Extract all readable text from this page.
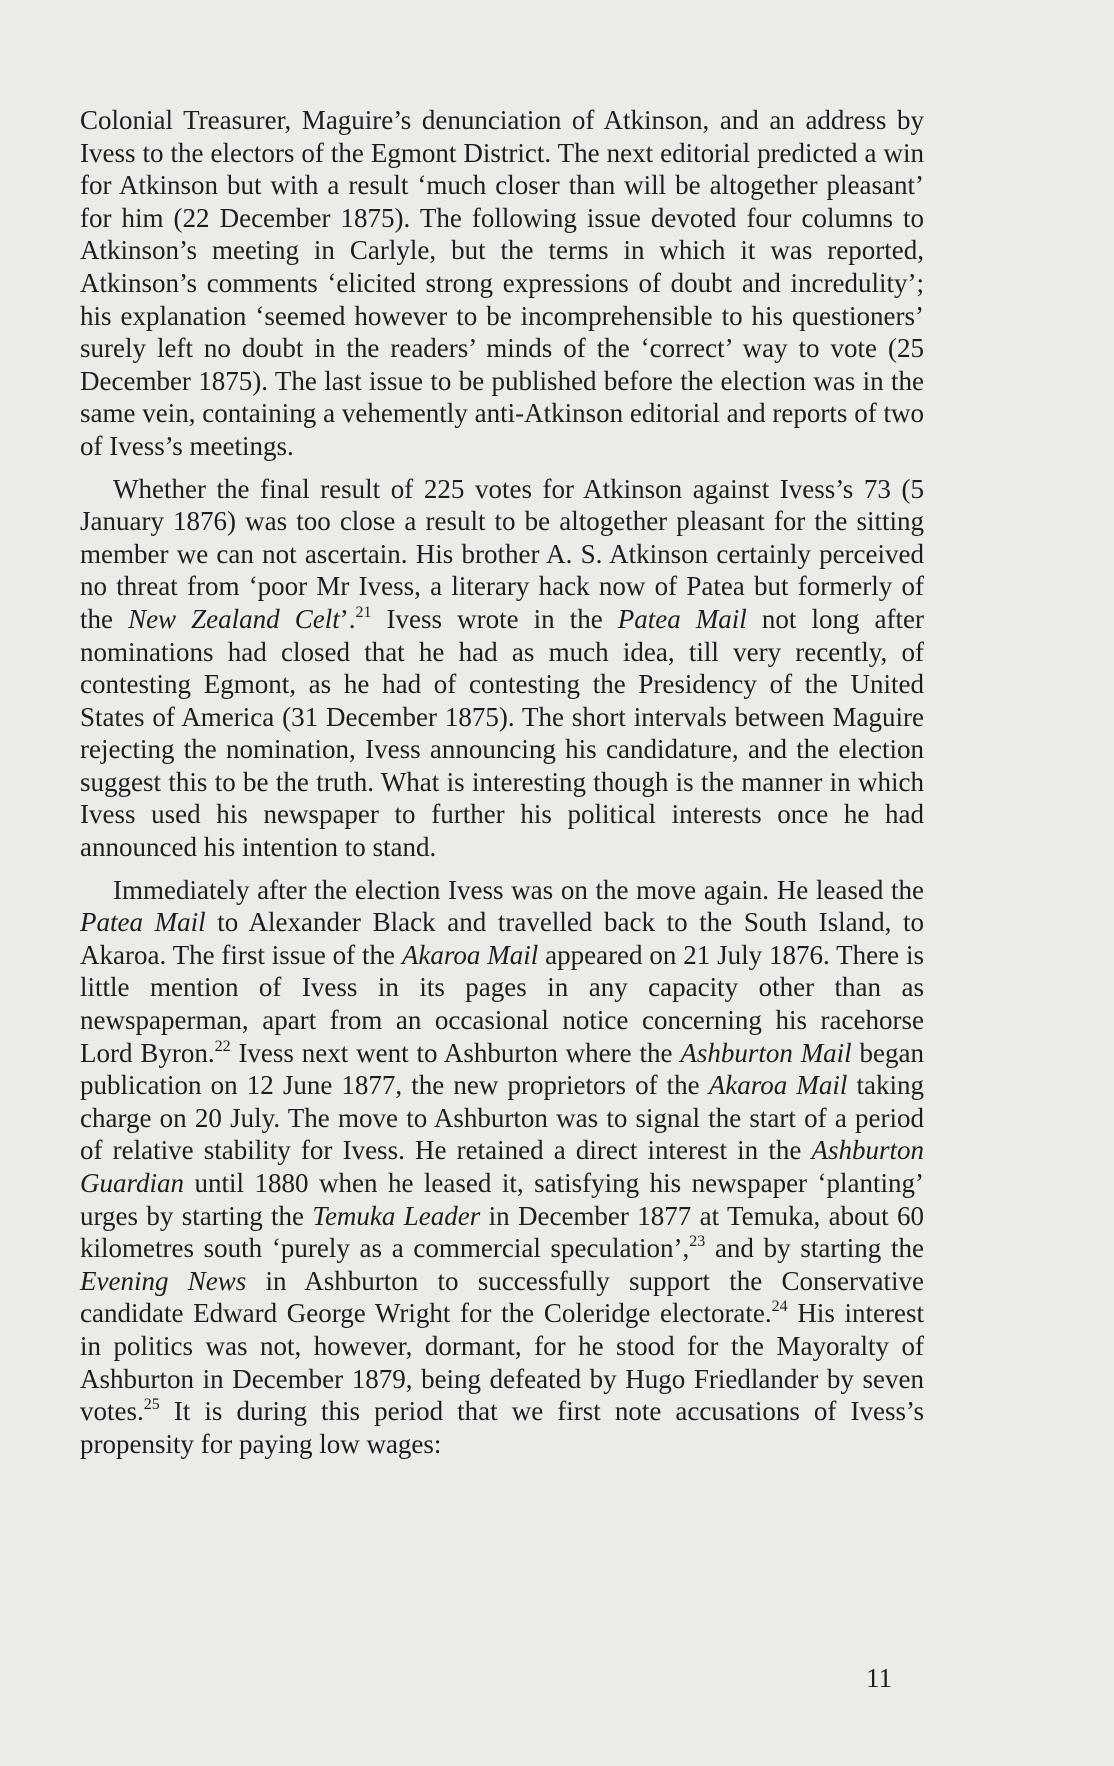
Colonial Treasurer, Maguire’s denunciation of Atkinson, and an address by Ivess to the electors of the Egmont District. The next editorial predicted a win for Atkinson but with a result ‘much closer than will be altogether pleasant’ for him (22 December 1875). The following issue devoted four columns to Atkinson’s meeting in Carlyle, but the terms in which it was reported, Atkinson’s comments ‘elicited strong expressions of doubt and incredulity’; his explanation ‘seemed however to be incomprehensible to his questioners’ surely left no doubt in the readers’ minds of the ‘correct’ way to vote (25 December 1875). The last issue to be published before the election was in the same vein, containing a vehemently anti-Atkinson editorial and reports of two of Ivess’s meetings.

Whether the final result of 225 votes for Atkinson against Ivess’s 73 (5 January 1876) was too close a result to be altogether pleasant for the sitting member we can not ascertain. His brother A. S. Atkinson certainly perceived no threat from ‘poor Mr Ivess, a literary hack now of Patea but formerly of the New Zealand Celt’.$^{21}$ Ivess wrote in the Patea Mail not long after nominations had closed that he had as much idea, till very recently, of contesting Egmont, as he had of contesting the Presidency of the United States of America (31 December 1875). The short intervals between Maguire rejecting the nomination, Ivess announcing his candidature, and the election suggest this to be the truth. What is interesting though is the manner in which Ivess used his newspaper to further his political interests once he had announced his intention to stand.

Immediately after the election Ivess was on the move again. He leased the Patea Mail to Alexander Black and travelled back to the South Island, to Akaroa. The first issue of the Akaroa Mail appeared on 21 July 1876. There is little mention of Ivess in its pages in any capacity other than as newspaperman, apart from an occasional notice concerning his racehorse Lord Byron.$^{22}$ Ivess next went to Ashburton where the Ashburton Mail began publication on 12 June 1877, the new proprietors of the Akaroa Mail taking charge on 20 July. The move to Ashburton was to signal the start of a period of relative stability for Ivess. He retained a direct interest in the Ashburton Guardian until 1880 when he leased it, satisfying his newspaper ‘planting’ urges by starting the Temuka Leader in December 1877 at Temuka, about 60 kilometres south ‘purely as a commercial speculation’,$^{23}$ and by starting the Evening News in Ashburton to successfully support the Conservative candidate Edward George Wright for the Coleridge electorate.$^{24}$ His interest in politics was not, however, dormant, for he stood for the Mayoralty of Ashburton in December 1879, being defeated by Hugo Friedlander by seven votes.$^{25}$ It is during this period that we first note accusations of Ivess’s propensity for paying low wages:

11
